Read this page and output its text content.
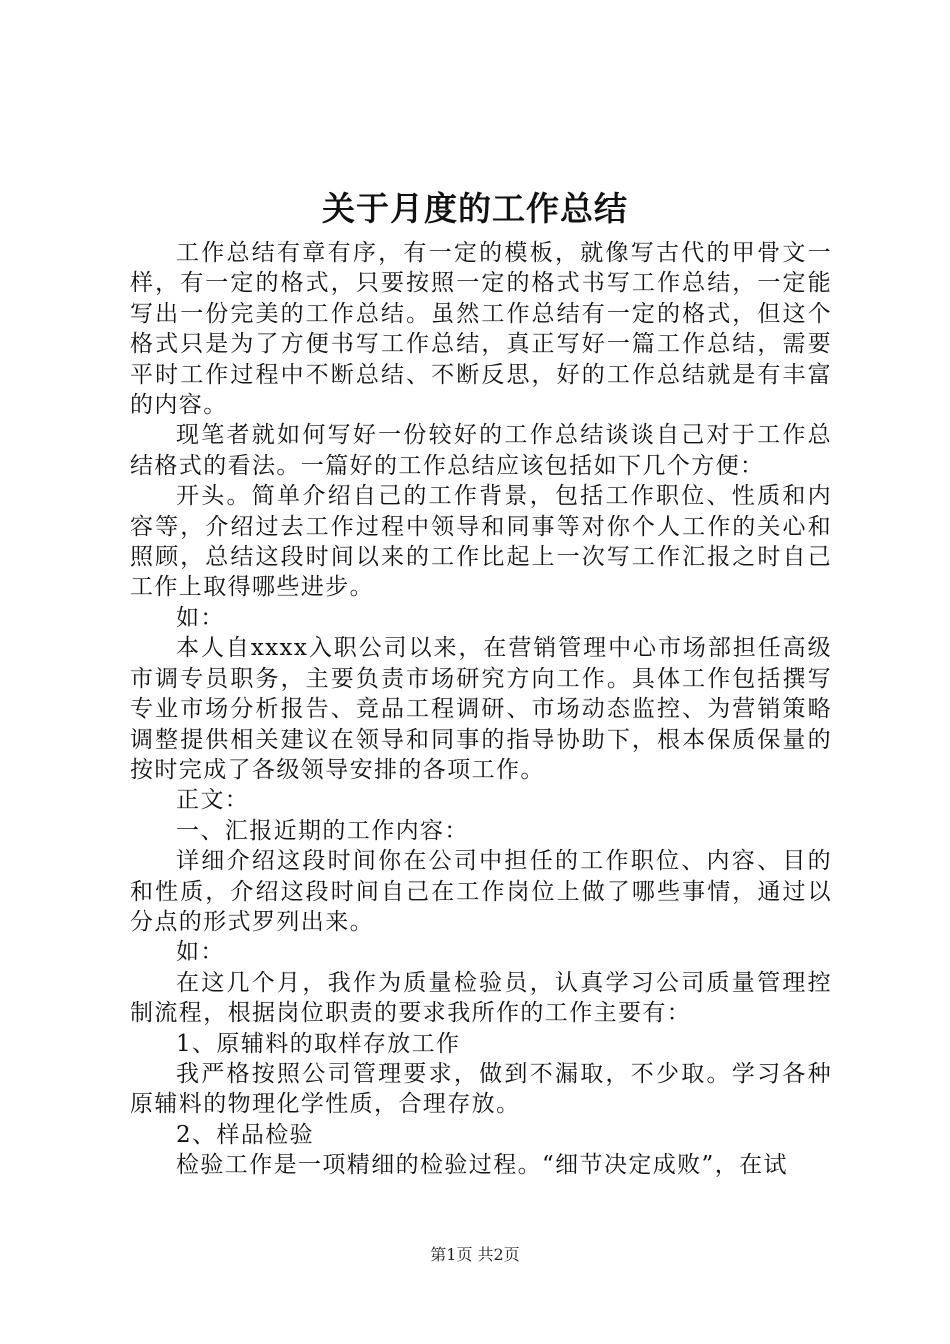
关于月度的工作总结

工作总结有章有序，有一定的模板，就像写古代的甲骨文一样，有一定的格式，只要按照一定的格式书写工作总结，一定能写出一份完美的工作总结。虽然工作总结有一定的格式，但这个格式只是为了方便书写工作总结，真正写好一篇工作总结，需要平时工作过程中不断总结、不断反思，好的工作总结就是有丰富的内容。

现笔者就如何写好一份较好的工作总结谈谈自己对于工作总结格式的看法。一篇好的工作总结应该包括如下几个方便：

开头。简单介绍自己的工作背景，包括工作职位、性质和内容等，介绍过去工作过程中领导和同事等对你个人工作的关心和照顾，总结这段时间以来的工作比起上一次写工作汇报之时自己工作上取得哪些进步。

如：

本人自xxxx入职公司以来，在营销管理中心市场部担任高级市调专员职务，主要负责市场研究方向工作。具体工作包括撰写专业市场分析报告、竞品工程调研、市场动态监控、为营销策略调整提供相关建议在领导和同事的指导协助下，根本保质保量的按时完成了各级领导安排的各项工作。

正文：

一、汇报近期的工作内容：

详细介绍这段时间你在公司中担任的工作职位、内容、目的和性质，介绍这段时间自己在工作岗位上做了哪些事情，通过以分点的形式罗列出来。

如：

在这几个月，我作为质量检验员，认真学习公司质量管理控制流程，根据岗位职责的要求我所作的工作主要有：

1、原辅料的取样存放工作

我严格按照公司管理要求，做到不漏取，不少取。学习各种原辅料的物理化学性质，合理存放。

2、样品检验

检验工作是一项精细的检验过程。“细节决定成败”，在试

第1页 共2页
